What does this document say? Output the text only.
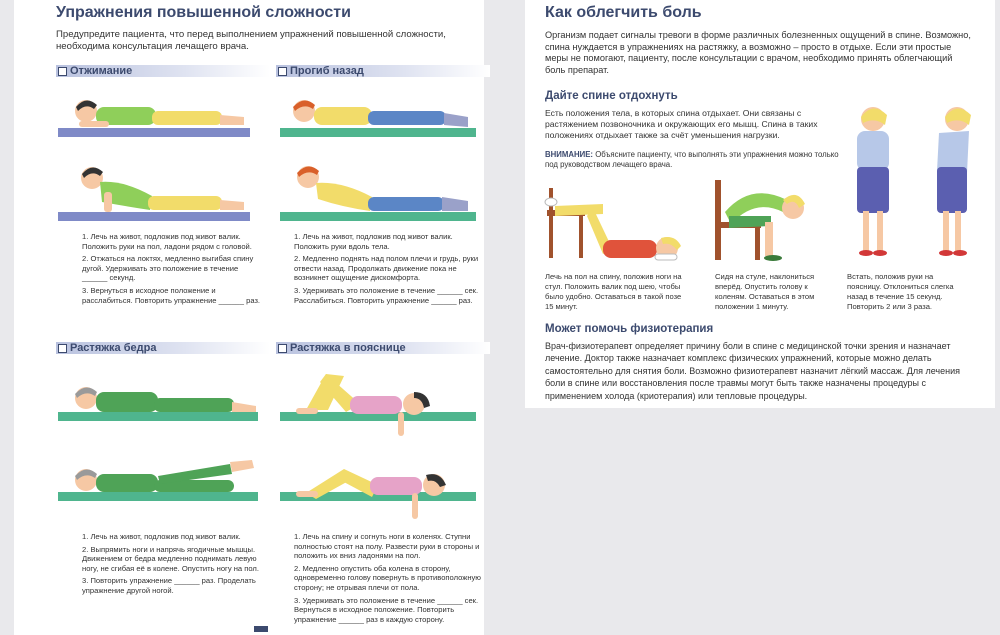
Упражнения повышенной сложности
Предупредите пациента, что перед выполнением упражнений повышенной сложности, необходима консультация лечащего врача.
Отжимание
1. Лечь на живот, подложив под живот валик. Положить руки на пол, ладони рядом с головой.
2. Отжаться на локтях, медленно выгибая спину дугой. Удерживать это положение в течение ______ секунд.
3. Вернуться в исходное положение и расслабиться. Повторить упражнение ______ раз.
Прогиб назад
1. Лечь на живот, подложив под живот валик. Положить руки вдоль тела.
2. Медленно поднять над полом плечи и грудь, руки отвести назад. Продолжать движение пока не возникнет ощущение дискомфорта.
3. Удерживать это положение в течение ______ сек. Расслабиться. Повторить упражнение ______ раз.
Растяжка бедра
1. Лечь на живот, подложив под живот валик.
2. Выпрямить ноги и напрячь ягодичные мышцы. Движением от бедра медленно поднимать левую ногу, не сгибая её в колене. Опустить ногу на пол.
3. Повторить упражнение ______ раз. Проделать упражнение другой ногой.
Растяжка в пояснице
1. Лечь на спину и согнуть ноги в коленях. Ступни полностью стоят на полу. Развести руки в стороны и положить их вниз ладонями на пол.
2. Медленно опустить оба колена в сторону, одновременно голову повернуть в противоположную сторону; не отрывая плечи от пола.
3. Удерживать это положение в течение ______ сек. Вернуться в исходное положение. Повторить упражнение ______ раз в каждую сторону.
Как облегчить боль
Организм подает сигналы тревоги в форме различных болезненных ощущений в спине. Возможно, спина нуждается в упражнениях на растяжку, а возможно – просто в отдыхе. Если эти простые меры не помогают, пациенту, после консультации с врачом, необходимо принять облегчающий боль препарат.
Дайте спине отдохнуть
Есть положения тела, в которых спина отдыхает. Они связаны с растяжением позвоночника и окружающих его мышц. Спина в таких положениях отдыхает также за счёт уменьшения нагрузки.
ВНИМАНИЕ: Объясните пациенту, что выполнять эти упражнения можно только под руководством лечащего врача.
Лечь на пол на спину, положив ноги на стул. Положить валик под шею, чтобы было удобно. Оставаться в такой позе 15 минут.
Сидя на стуле, наклониться вперёд. Опустить голову к коленям. Оставаться в этом положении 1 минуту.
Встать, положив руки на поясницу. Отклониться слегка назад в течение 15 секунд. Повторить 2 или 3 раза.
Может помочь физиотерапия
Врач-физиотерапевт определяет причину боли в спине с медицинской точки зрения и назначает лечение. Доктор также назначает комплекс физических упражнений, которые можно делать самостоятельно для снятия боли. Возможно физиотерапевт назначит лёгкий массаж. Для лечения боли в спине или восстановления после травмы могут быть также назначены процедуры с применением холода (криотерапия) или тепловые процедуры.
